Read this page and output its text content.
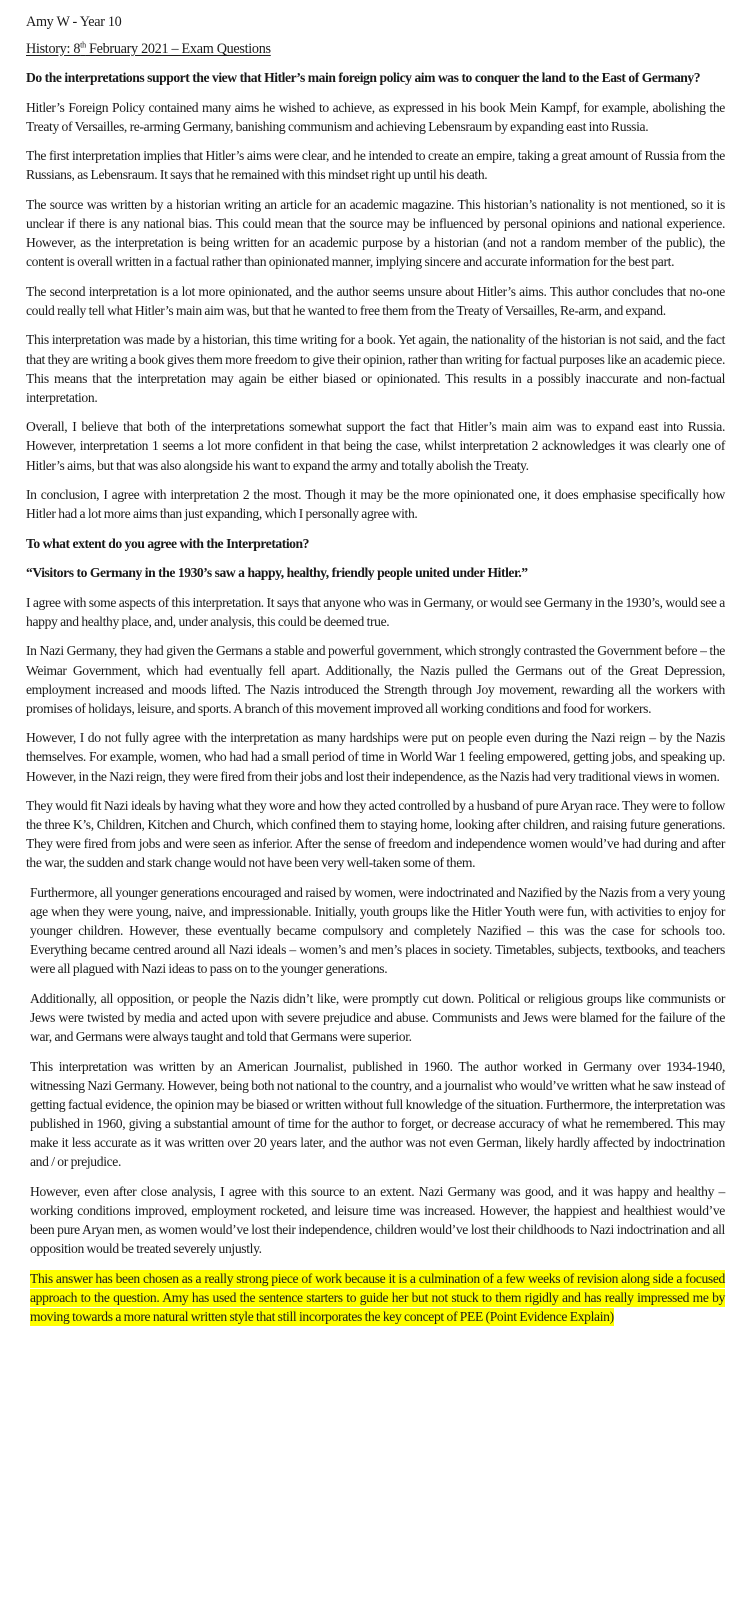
Amy W - Year 10

History: 8th February 2021 – Exam Questions

Do the interpretations support the view that Hitler’s main foreign policy aim was to conquer the land to the East of Germany?

Hitler’s Foreign Policy contained many aims he wished to achieve, as expressed in his book Mein Kampf, for example, abolishing the Treaty of Versailles, re-arming Germany, banishing communism and achieving Lebensraum by expanding east into Russia.

The first interpretation implies that Hitler’s aims were clear, and he intended to create an empire, taking a great amount of Russia from the Russians, as Lebensraum. It says that he remained with this mindset right up until his death.

The source was written by a historian writing an article for an academic magazine. This historian’s nationality is not mentioned, so it is unclear if there is any national bias. This could mean that the source may be influenced by personal opinions and national experience. However, as the interpretation is being written for an academic purpose by a historian (and not a random member of the public), the content is overall written in a factual rather than opinionated manner, implying sincere and accurate information for the best part.

The second interpretation is a lot more opinionated, and the author seems unsure about Hitler’s aims. This author concludes that no-one could really tell what Hitler’s main aim was, but that he wanted to free them from the Treaty of Versailles, Re-arm, and expand.

This interpretation was made by a historian, this time writing for a book. Yet again, the nationality of the historian is not said, and the fact that they are writing a book gives them more freedom to give their opinion, rather than writing for factual purposes like an academic piece. This means that the interpretation may again be either biased or opinionated. This results in a possibly inaccurate and non-factual interpretation.

Overall, I believe that both of the interpretations somewhat support the fact that Hitler’s main aim was to expand east into Russia. However, interpretation 1 seems a lot more confident in that being the case, whilst interpretation 2 acknowledges it was clearly one of Hitler’s aims, but that was also alongside his want to expand the army and totally abolish the Treaty.

In conclusion, I agree with interpretation 2 the most. Though it may be the more opinionated one, it does emphasise specifically how Hitler had a lot more aims than just expanding, which I personally agree with.

To what extent do you agree with the Interpretation?

“Visitors to Germany in the 1930’s saw a happy, healthy, friendly people united under Hitler.”

I agree with some aspects of this interpretation. It says that anyone who was in Germany, or would see Germany in the 1930’s, would see a happy and healthy place, and, under analysis, this could be deemed true.

In Nazi Germany, they had given the Germans a stable and powerful government, which strongly contrasted the Government before – the Weimar Government, which had eventually fell apart. Additionally, the Nazis pulled the Germans out of the Great Depression, employment increased and moods lifted. The Nazis introduced the Strength through Joy movement, rewarding all the workers with promises of holidays, leisure, and sports. A branch of this movement improved all working conditions and food for workers.

However, I do not fully agree with the interpretation as many hardships were put on people even during the Nazi reign – by the Nazis themselves. For example, women, who had had a small period of time in World War 1 feeling empowered, getting jobs, and speaking up. However, in the Nazi reign, they were fired from their jobs and lost their independence, as the Nazis had very traditional views in women.

They would fit Nazi ideals by having what they wore and how they acted controlled by a husband of pure Aryan race. They were to follow the three K’s, Children, Kitchen and Church, which confined them to staying home, looking after children, and raising future generations. They were fired from jobs and were seen as inferior. After the sense of freedom and independence women would’ve had during and after the war, the sudden and stark change would not have been very well-taken some of them.

Furthermore, all younger generations encouraged and raised by women, were indoctrinated and Nazified by the Nazis from a very young age when they were young, naive, and impressionable. Initially, youth groups like the Hitler Youth were fun, with activities to enjoy for younger children. However, these eventually became compulsory and completely Nazified – this was the case for schools too. Everything became centred around all Nazi ideals – women’s and men’s places in society. Timetables, subjects, textbooks, and teachers were all plagued with Nazi ideas to pass on to the younger generations.

Additionally, all opposition, or people the Nazis didn’t like, were promptly cut down. Political or religious groups like communists or Jews were twisted by media and acted upon with severe prejudice and abuse. Communists and Jews were blamed for the failure of the war, and Germans were always taught and told that Germans were superior.

This interpretation was written by an American Journalist, published in 1960. The author worked in Germany over 1934-1940, witnessing Nazi Germany. However, being both not national to the country, and a journalist who would’ve written what he saw instead of getting factual evidence, the opinion may be biased or written without full knowledge of the situation. Furthermore, the interpretation was published in 1960, giving a substantial amount of time for the author to forget, or decrease accuracy of what he remembered. This may make it less accurate as it was written over 20 years later, and the author was not even German, likely hardly affected by indoctrination and / or prejudice.

However, even after close analysis, I agree with this source to an extent. Nazi Germany was good, and it was happy and healthy – working conditions improved, employment rocketed, and leisure time was increased. However, the happiest and healthiest would’ve been pure Aryan men, as women would’ve lost their independence, children would’ve lost their childhoods to Nazi indoctrination and all opposition would be treated severely unjustly.

This answer has been chosen as a really strong piece of work because it is a culmination of a few weeks of revision along side a focused approach to the question. Amy has used the sentence starters to guide her but not stuck to them rigidly and has really impressed me by moving towards a more natural written style that still incorporates the key concept of PEE (Point Evidence Explain)
